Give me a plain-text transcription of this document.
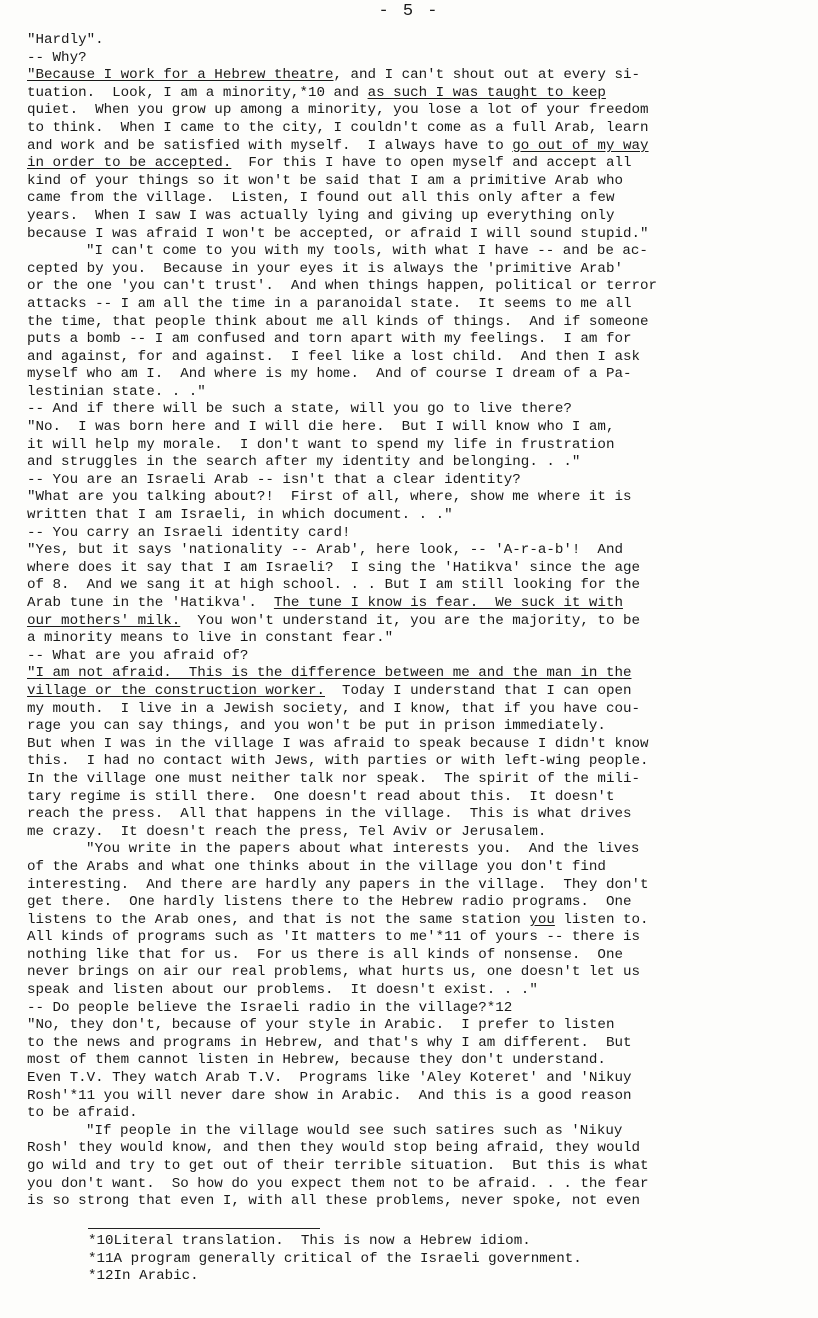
- 5 -
"Hardly".
-- Why?
"Because I work for a Hebrew theatre, and I can't shout out at every si-
tuation.  Look, I am a minority,*10 and as such I was taught to keep
quiet.  When you grow up among a minority, you lose a lot of your freedom
to think.  When I came to the city, I couldn't come as a full Arab, learn
and work and be satisfied with myself.  I always have to go out of my way
in order to be accepted.  For this I have to open myself and accept all
kind of your things so it won't be said that I am a primitive Arab who
came from the village.  Listen, I found out all this only after a few
years.  When I saw I was actually lying and giving up everything only
because I was afraid I won't be accepted, or afraid I will sound stupid."
"I can't come to you with my tools, with what I have -- and be ac-
cepted by you.  Because in your eyes it is always the 'primitive Arab'
or the one 'you can't trust'.  And when things happen, political or terror
attacks -- I am all the time in a paranoidal state.  It seems to me all
the time, that people think about me all kinds of things.  And if someone
puts a bomb -- I am confused and torn apart with my feelings.  I am for
and against, for and against.  I feel like a lost child.  And then I ask
myself who am I.  And where is my home.  And of course I dream of a Pa-
lestinian state. . ."
-- And if there will be such a state, will you go to live there?
"No.  I was born here and I will die here.  But I will know who I am,
it will help my morale.  I don't want to spend my life in frustration
and struggles in the search after my identity and belonging. . ."
-- You are an Israeli Arab -- isn't that a clear identity?
"What are you talking about?!  First of all, where, show me where it is
written that I am Israeli, in which document. . ."
-- You carry an Israeli identity card!
"Yes, but it says 'nationality -- Arab', here look, -- 'A-r-a-b'!  And
where does it say that I am Israeli?  I sing the 'Hatikva' since the age
of 8.  And we sang it at high school. . . But I am still looking for the
Arab tune in the 'Hatikva'.  The tune I know is fear.  We suck it with
our mothers' milk.  You won't understand it, you are the majority, to be
a minority means to live in constant fear."
-- What are you afraid of?
"I am not afraid.  This is the difference between me and the man in the
village or the construction worker.  Today I understand that I can open
my mouth.  I live in a Jewish society, and I know, that if you have cou-
rage you can say things, and you won't be put in prison immediately.
But when I was in the village I was afraid to speak because I didn't know
this.  I had no contact with Jews, with parties or with left-wing people.
In the village one must neither talk nor speak.  The spirit of the mili-
tary regime is still there.  One doesn't read about this.  It doesn't
reach the press.  All that happens in the village.  This is what drives
me crazy.  It doesn't reach the press, Tel Aviv or Jerusalem.
"You write in the papers about what interests you.  And the lives
of the Arabs and what one thinks about in the village you don't find
interesting.  And there are hardly any papers in the village.  They don't
get there.  One hardly listens there to the Hebrew radio programs.  One
listens to the Arab ones, and that is not the same station you listen to.
All kinds of programs such as 'It matters to me'*11 of yours -- there is
nothing like that for us.  For us there is all kinds of nonsense.  One
never brings on air our real problems, what hurts us, one doesn't let us
speak and listen about our problems.  It doesn't exist. . ."
-- Do people believe the Israeli radio in the village?*12
"No, they don't, because of your style in Arabic.  I prefer to listen
to the news and programs in Hebrew, and that's why I am different.  But
most of them cannot listen in Hebrew, because they don't understand.
Even T.V. They watch Arab T.V.  Programs like 'Aley Koteret' and 'Nikuy
Rosh'*11 you will never dare show in Arabic.  And this is a good reason
to be afraid.
"If people in the village would see such satires such as 'Nikuy
Rosh' they would know, and then they would stop being afraid, they would
go wild and try to get out of their terrible situation.  But this is what
you don't want.  So how do you expect them not to be afraid. . . the fear
is so strong that even I, with all these problems, never spoke, not even
*10Literal translation.  This is now a Hebrew idiom.
*11A program generally critical of the Israeli government.
*12In Arabic.
